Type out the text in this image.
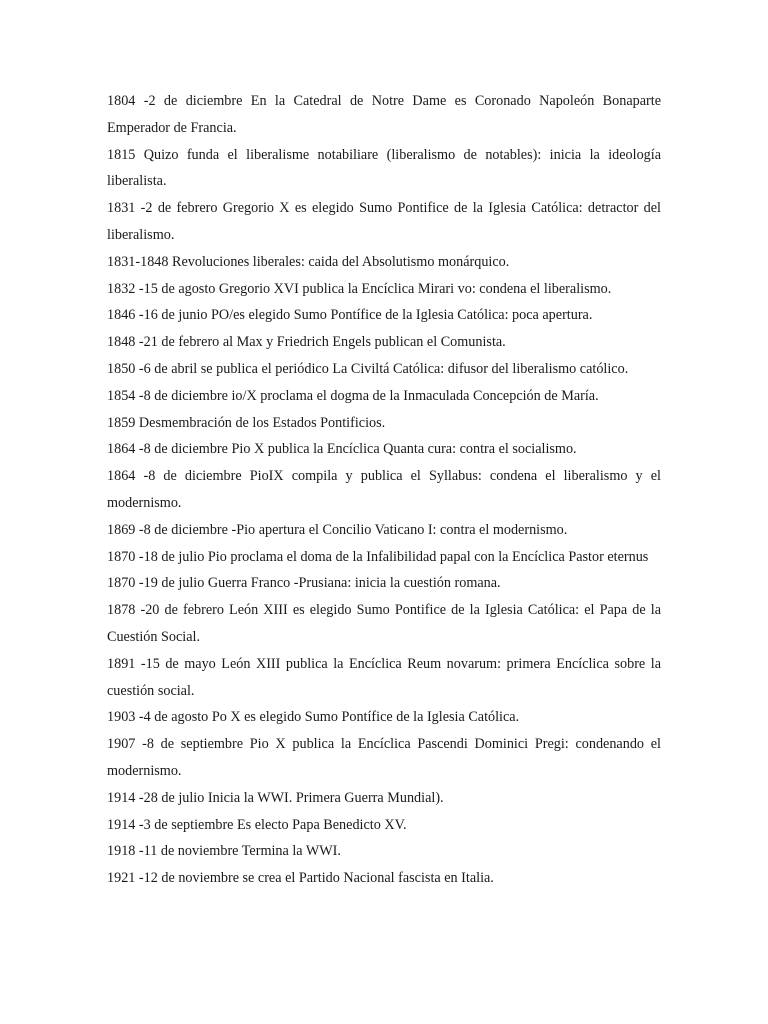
1804 -2 de diciembre En la Catedral de Notre Dame es Coronado Napoleón Bonaparte Emperador de Francia.

1815 Quizo funda el liberalisme notabiliare (liberalismo de notables): inicia la ideología liberalista.

1831 -2 de febrero Gregorio X es elegido Sumo Pontifice de la Iglesia Católica: detractor del liberalismo.

1831-1848 Revoluciones liberales: caida del Absolutismo monárquico.

1832 -15 de agosto Gregorio XVI publica la Encíclica Mirari vo: condena el liberalismo.

1846 -16 de junio PO/es elegido Sumo Pontífice de la Iglesia Católica: poca apertura.

1848 -21 de febrero al Max y Friedrich Engels publican el Comunista.

1850 -6 de abril se publica el periódico La Civiltá Católica: difusor del liberalismo católico.

1854 -8 de diciembre io/X proclama el dogma de la Inmaculada Concepción de María.

1859 Desmembración de los Estados Pontificios.

1864 -8 de diciembre Pio X publica la Encíclica Quanta cura: contra el socialismo.

1864 -8 de diciembre PioIX compila y publica el Syllabus: condena el liberalismo y el modernismo.

1869 -8 de diciembre -Pio apertura el Concilio Vaticano I: contra el modernismo.

1870 -18 de julio Pio proclama el doma de la Infalibilidad papal con la Encíclica Pastor eternus

1870 -19 de julio Guerra Franco -Prusiana: inicia la cuestión romana.

1878 -20 de febrero León XIII es elegido Sumo Pontifice de la Iglesia Católica: el Papa de la Cuestión Social.

1891 -15 de mayo León XIII publica la Encíclica Reum novarum: primera Encíclica sobre la cuestión social.

1903 -4 de agosto Po X es elegido Sumo Pontífice de la Iglesia Católica.

1907 -8 de septiembre Pio X publica la Encíclica Pascendi Dominici Pregi: condenando el modernismo.

1914 -28 de julio Inicia la WWI. Primera Guerra Mundial).

1914 -3 de septiembre Es electo Papa Benedicto XV.

1918 -11 de noviembre Termina la WWI.

1921 -12 de noviembre se crea el Partido Nacional fascista en Italia.
